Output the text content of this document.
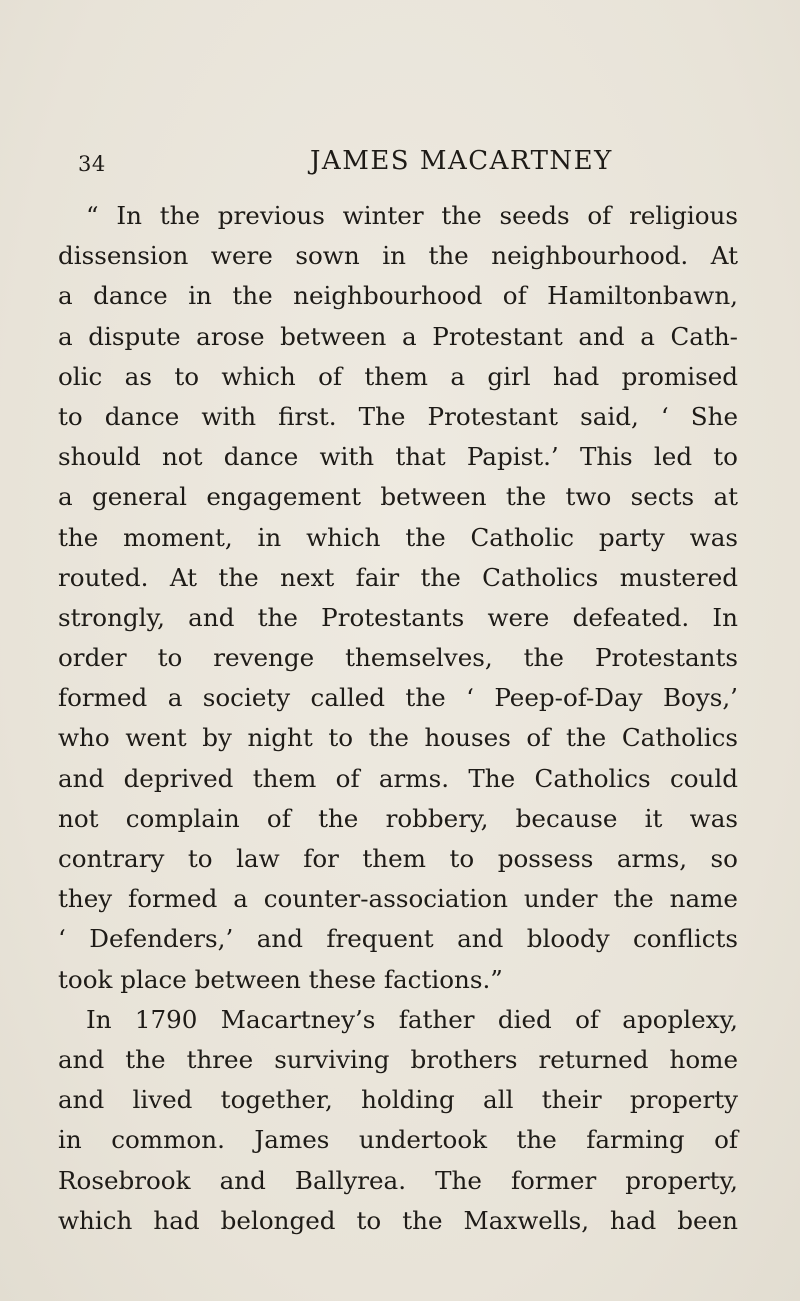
34	JAMES MACARTNEY
“ In the previous winter the seeds of religious
dissension were sown in the neighbourhood. At
a dance in the neighbourhood of Hamiltonbawn,
a dispute arose between a Protestant and a Cath-
olic as to which of them a girl had promised
to dance with first. The Protestant said, ‘ She
should not dance with that Papist.’ This led to
a general engagement between the two sects at
the moment, in which the Catholic party was
routed. At the next fair the Catholics mustered
strongly, and the Protestants were defeated. In
order to revenge themselves, the Protestants
formed a society called the ‘ Peep-of-Day Boys,’
who went by night to the houses of the Catholics
and deprived them of arms. The Catholics could
not complain of the robbery, because it was
contrary to law for them to possess arms, so
they formed a counter-association under the name
‘ Defenders,’ and frequent and bloody conflicts
took place between these factions.”
In 1790 Macartney’s father died of apoplexy,
and the three surviving brothers returned home
and lived together, holding all their property
in common. James undertook the farming of
Rosebrook and Ballyrea. The former property,
which had belonged to the Maxwells, had been
